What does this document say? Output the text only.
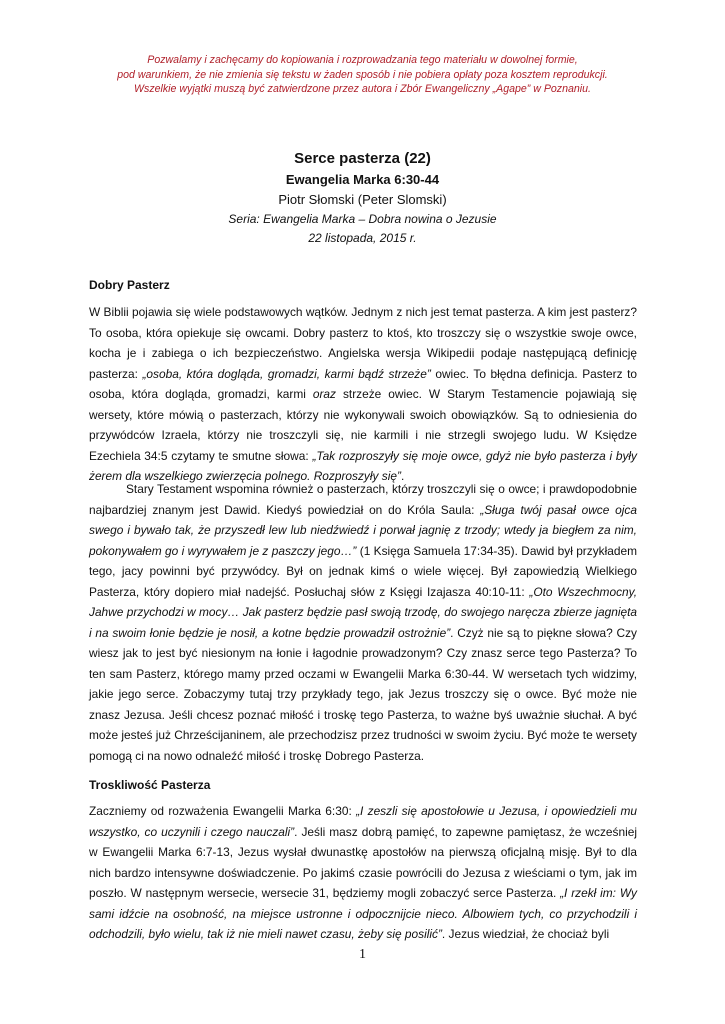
Pozwalamy i zachęcamy do kopiowania i rozprowadzania tego materiału w dowolnej formie,
pod warunkiem, że nie zmienia się tekstu w żaden sposób i nie pobiera opłaty poza kosztem reprodukcji.
Wszelkie wyjątki muszą być zatwierdzone przez autora i Zbór Ewangeliczny „Agape” w Poznaniu.
Serce pasterza (22)
Ewangelia Marka 6:30-44
Piotr Słomski (Peter Slomski)
Seria: Ewangelia Marka – Dobra nowina o Jezusie
22 listopada, 2015 r.
Dobry Pasterz
W Biblii pojawia się wiele podstawowych wątków. Jednym z nich jest temat pasterza. A kim jest pasterz? To osoba, która opiekuje się owcami. Dobry pasterz to ktoś, kto troszczy się o wszystkie swoje owce, kocha je i zabiega o ich bezpieczeństwo. Angielska wersja Wikipedii podaje następującą definicję pasterza: „osoba, która dogląda, gromadzi, karmi bądź strzeże” owiec. To błędna definicja. Pasterz to osoba, która dogląda, gromadzi, karmi oraz strzeże owiec. W Starym Testamencie pojawiają się wersety, które mówią o pasterzach, którzy nie wykonywali swoich obowiązków. Są to odniesienia do przywódców Izraela, którzy nie troszczyli się, nie karmili i nie strzegli swojego ludu. W Księdze Ezechiela 34:5 czytamy te smutne słowa: „Tak rozproszyły się moje owce, gdyż nie było pasterza i były żerem dla wszelkiego zwierzęcia polnego. Rozproszyły się”.
Stary Testament wspomina również o pasterzach, którzy troszczyli się o owce; i prawdopodobnie najbardziej znanym jest Dawid. Kiedyś powiedział on do Króla Saula: „Sługa twój pasał owce ojca swego i bywało tak, że przyszedł lew lub niedźwiedź i porwał jagnię z trzody; wtedy ja biegłem za nim, pokonywałem go i wyrywałem je z paszczy jego…” (1 Księga Samuela 17:34-35). Dawid był przykładem tego, jacy powinni być przywódcy. Był on jednak kimś o wiele więcej. Był zapowiedzią Wielkiego Pasterza, który dopiero miał nadejść. Posłuchaj słów z Księgi Izajasza 40:10-11: „Oto Wszechmocny, Jahwe przychodzi w mocy… Jak pasterz będzie pasł swoją trzodę, do swojego naręcza zbierze jagnięta i na swoim łonie będzie je nosił, a kotne będzie prowadził ostrożnie”. Czyż nie są to piękne słowa? Czy wiesz jak to jest być niesionym na łonie i łagodnie prowadzonym? Czy znasz serce tego Pasterza? To ten sam Pasterz, którego mamy przed oczami w Ewangelii Marka 6:30-44. W wersetach tych widzimy, jakie jego serce. Zobaczymy tutaj trzy przykłady tego, jak Jezus troszczy się o owce. Być może nie znasz Jezusa. Jeśli chcesz poznać miłość i troskę tego Pasterza, to ważne byś uważnie słuchał. A być może jesteś już Chrześcijaninem, ale przechodzisz przez trudności w swoim życiu. Być może te wersety pomogą ci na nowo odnaleźć miłość i troskę Dobrego Pasterza.
Troskliwość Pasterza
Zaczniemy od rozważenia Ewangelii Marka 6:30: „I zeszli się apostołowie u Jezusa, i opowiedzieli mu wszystko, co uczynili i czego nauczali”. Jeśli masz dobrą pamięć, to zapewne pamiętasz, że wcześniej w Ewangelii Marka 6:7-13, Jezus wysłał dwunastkę apostołów na pierwszą oficjalną misję. Był to dla nich bardzo intensywne doświadczenie. Po jakimś czasie powrócili do Jezusa z wieściami o tym, jak im poszło. W następnym wersecie, wersecie 31, będziemy mogli zobaczyć serce Pasterza. „I rzekł im: Wy sami idźcie na osobność, na miejsce ustronne i odpocznijcie nieco. Albowiem tych, co przychodzili i odchodzili, było wielu, tak iż nie mieli nawet czasu, żeby się posilić”. Jezus wiedział, że chociaż byli
1
